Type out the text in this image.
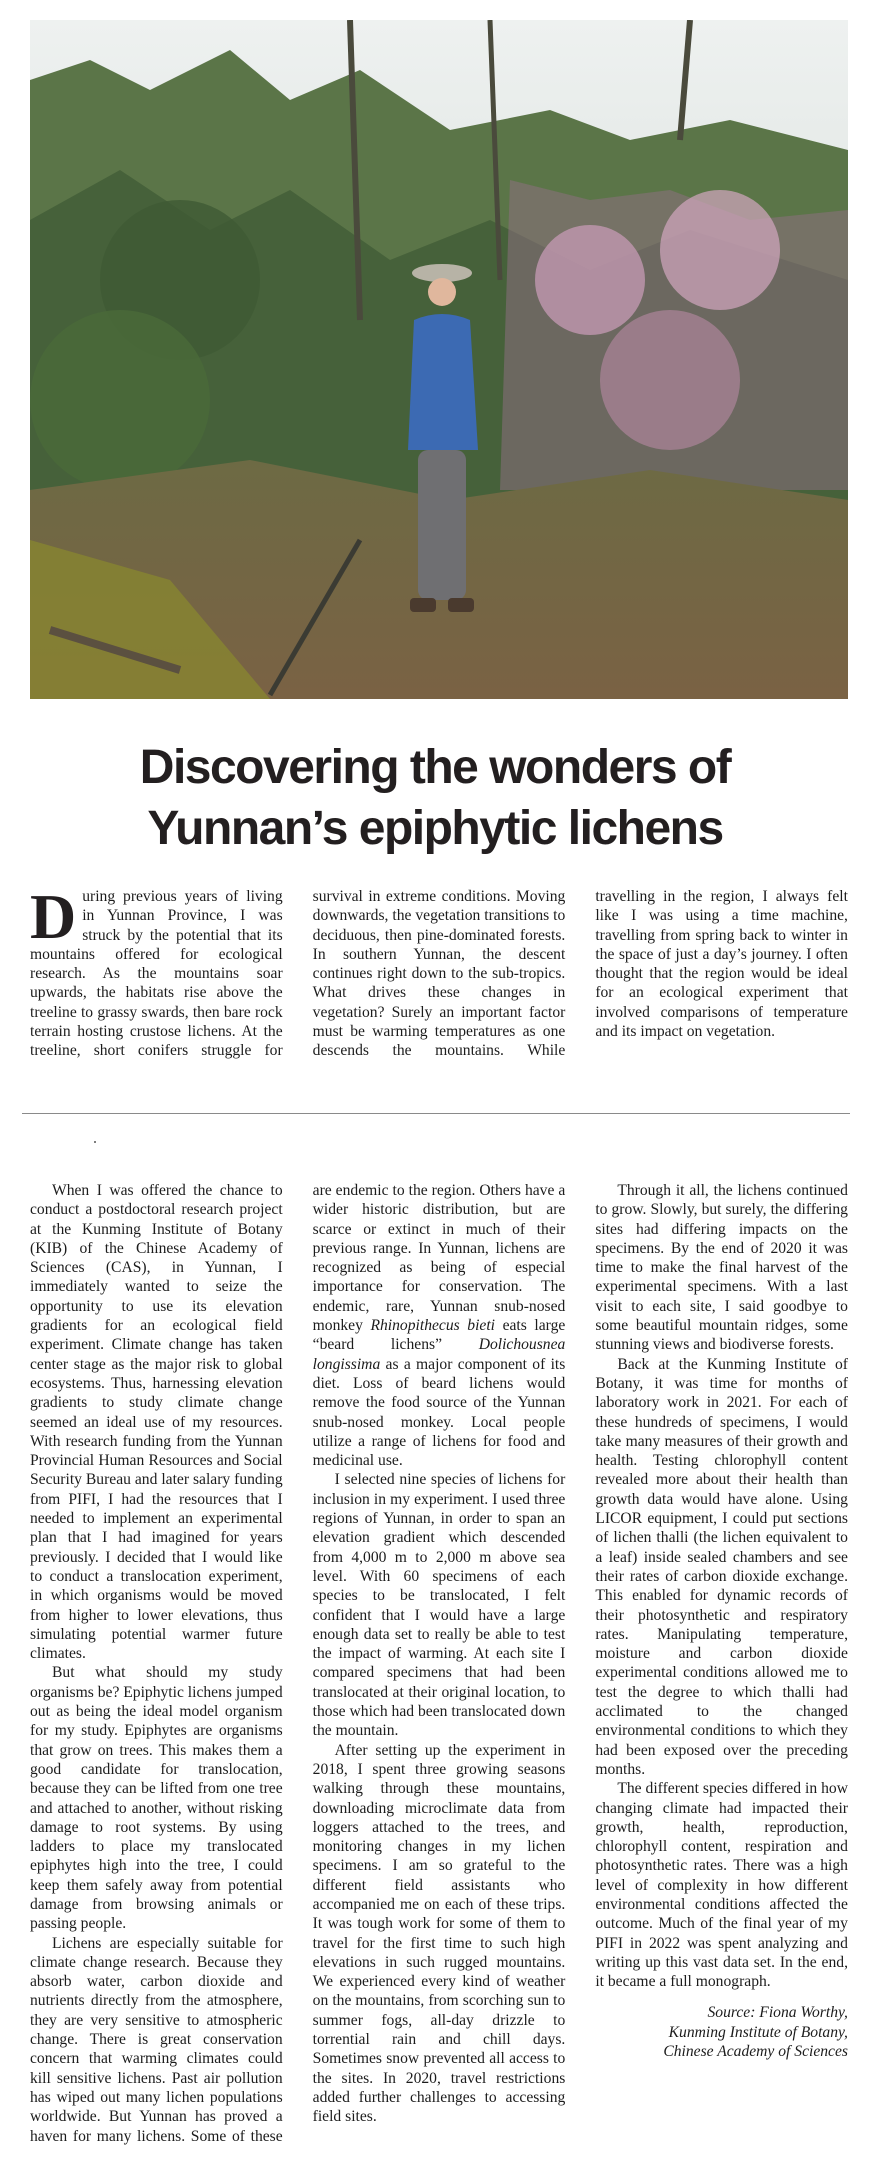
Discovering the wonders of
Yunnan’s epiphytic lichens

During previous years of living in Yunnan Province, I was struck by the potential that its mountains offered for ecological research. As the mountains soar upwards, the habitats rise above the treeline to grassy swards, then bare rock terrain hosting crustose lichens. At the treeline, short conifers struggle for survival in extreme conditions. Moving downwards, the vegetation transitions to deciduous, then pine-dominated forests. In southern Yunnan, the descent continues right down to the sub-tropics. What drives these changes in vegetation? Surely an important factor must be warming temperatures as one descends the mountains. While travelling in the region, I always felt like I was using a time machine, travelling from spring back to winter in the space of just a day’s journey. I often thought that the region would be ideal for an ecological experiment that involved comparisons of temperature and its impact on vegetation.

When I was offered the chance to conduct a postdoctoral research project at the Kunming Institute of Botany (KIB) of the Chinese Academy of Sciences (CAS), in Yunnan, I immediately wanted to seize the opportunity to use its elevation gradients for an ecological field experiment. Climate change has taken center stage as the major risk to global ecosystems. Thus, harnessing elevation gradients to study climate change seemed an ideal use of my resources. With research funding from the Yunnan Provincial Human Resources and Social Security Bureau and later salary funding from PIFI, I had the resources that I needed to implement an experimental plan that I had imagined for years previously. I decided that I would like to conduct a translocation experiment, in which organisms would be moved from higher to lower elevations, thus simulating potential warmer future climates.

But what should my study organisms be? Epiphytic lichens jumped out as being the ideal model organism for my study. Epiphytes are organisms that grow on trees. This makes them a good candidate for translocation, because they can be lifted from one tree and attached to another, without risking damage to root systems. By using ladders to place my translocated epiphytes high into the tree, I could keep them safely away from potential damage from browsing animals or passing people.

Lichens are especially suitable for climate change research. Because they absorb water, carbon dioxide and nutrients directly from the atmosphere, they are very sensitive to atmospheric change. There is great conservation concern that warming climates could kill sensitive lichens. Past air pollution has wiped out many lichen populations worldwide. But Yunnan has proved a haven for many lichens. Some of these are endemic to the region. Others have a wider historic distribution, but are scarce or extinct in much of their previous range. In Yunnan, lichens are recognized as being of especial importance for conservation. The endemic, rare, Yunnan snub-nosed monkey Rhinopithecus bieti eats large “beard lichens” Dolichousnea longissima as a major component of its diet. Loss of beard lichens would remove the food source of the Yunnan snub-nosed monkey. Local people utilize a range of lichens for food and medicinal use.

I selected nine species of lichens for inclusion in my experiment. I used three regions of Yunnan, in order to span an elevation gradient which descended from 4,000 m to 2,000 m above sea level. With 60 specimens of each species to be translocated, I felt confident that I would have a large enough data set to really be able to test the impact of warming. At each site I compared specimens that had been translocated at their original location, to those which had been translocated down the mountain.

After setting up the experiment in 2018, I spent three growing seasons walking through these mountains, downloading microclimate data from loggers attached to the trees, and monitoring changes in my lichen specimens. I am so grateful to the different field assistants who accompanied me on each of these trips. It was tough work for some of them to travel for the first time to such high elevations in such rugged mountains. We experienced every kind of weather on the mountains, from scorching sun to summer fogs, all-day drizzle to torrential rain and chill days. Sometimes snow prevented all access to the sites. In 2020, travel restrictions added further challenges to accessing field sites.

Through it all, the lichens continued to grow. Slowly, but surely, the differing sites had differing impacts on the specimens. By the end of 2020 it was time to make the final harvest of the experimental specimens. With a last visit to each site, I said goodbye to some beautiful mountain ridges, some stunning views and biodiverse forests.

Back at the Kunming Institute of Botany, it was time for months of laboratory work in 2021. For each of these hundreds of specimens, I would take many measures of their growth and health. Testing chlorophyll content revealed more about their health than growth data would have alone. Using LICOR equipment, I could put sections of lichen thalli (the lichen equivalent to a leaf) inside sealed chambers and see their rates of carbon dioxide exchange. This enabled for dynamic records of their photosynthetic and respiratory rates. Manipulating temperature, moisture and carbon dioxide experimental conditions allowed me to test the degree to which thalli had acclimated to the changed environmental conditions to which they had been exposed over the preceding months.

The different species differed in how changing climate had impacted their growth, health, reproduction, chlorophyll content, respiration and photosynthetic rates. There was a high level of complexity in how different environmental conditions affected the outcome. Much of the final year of my PIFI in 2022 was spent analyzing and writing up this vast data set. In the end, it became a full monograph.

Source: Fiona Worthy,
Kunming Institute of Botany,
Chinese Academy of Sciences
